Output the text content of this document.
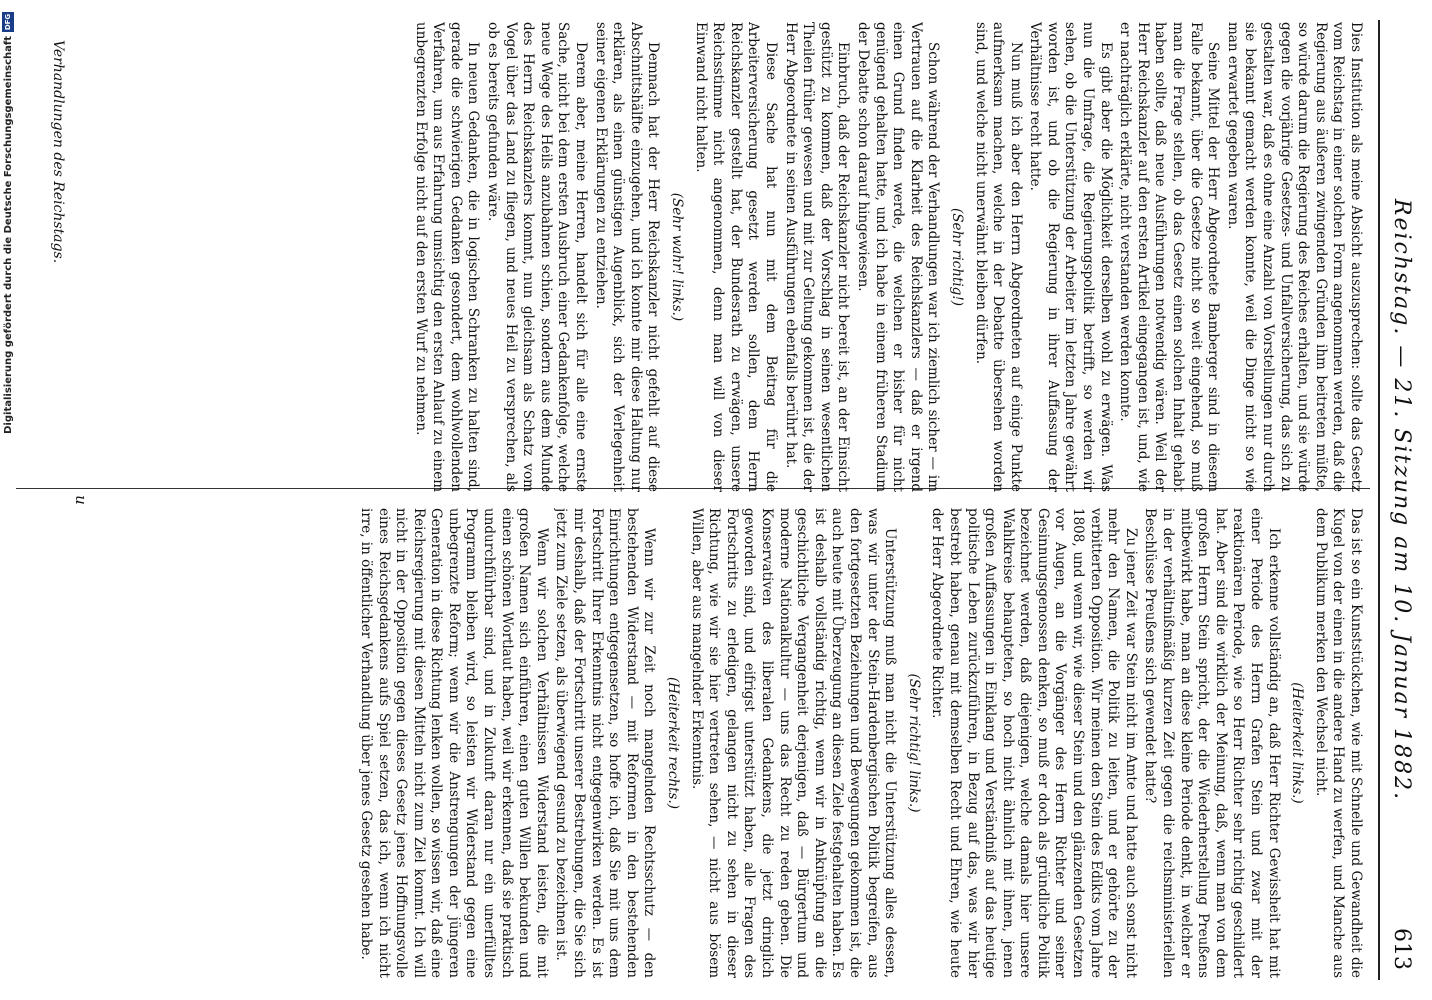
Reichstag. — 21. Sitzung am 10. Januar 1882.
613

Dies Institution als meine Absicht auszusprechen: sollte das Gesetz vom Reichstag in einer solchen Form angenommen werden, daß die Regierung aus äußeren zwingenden Gründen ihm beitreten müßte, so würde darum die Regierung des Reiches erhalten, und sie würde gegen die vorjährige Gesetzes- und Unfallversicherung, das sich zu gestalten war, daß es ohne eine Anzahl von Vorstellungen nur durch sie bekannt gemacht werden konnte, weil die Dinge nicht so wie man erwartet gegeben waren.

Seine Mittel der Herr Abgeordnete Bamberger sind in diesem Falle bekannt, über die Gesetze nicht so weit eingehend, so muß man die Frage stellen, ob das Gesetz einen solchen Inhalt gehabt haben sollte, daß neue Ausführungen notwendig wären. Weil der Herr Reichskanzler auf den ersten Artikel eingegangen ist, und, wie er nachträglich erklärte, nicht verstanden werden konnte.

Es gibt aber die Möglichkeit derselben wohl zu erwägen. Was nun die Umfrage, die Regierungspolitik betrifft, so werden wir sehen, ob die Unterstützung der Arbeiter im letzten Jahre gewährt worden ist, und ob die Regierung in ihrer Auffassung der Verhältnisse recht hatte.

Nun muß ich aber den Herrn Abgeordneten auf einige Punkte aufmerksam machen, welche in der Debatte übersehen worden sind, und welche nicht unerwähnt bleiben dürfen.

(Sehr richtig!)

Schon während der Verhandlungen war ich ziemlich sicher — im Vertrauen auf die Klarheit des Reichskanzlers — daß er irgend einen Grund finden werde, die welchen er bisher für nicht genügend gehalten hatte, und ich habe in einem früheren Stadium der Debatte schon darauf hingewiesen.

Einbruch, daß der Reichskanzler nicht bereit ist, an der Einsicht gestützt zu kommen, daß der Vorschlag in seinen wesentlichen Theilen früher gewesen und mit zur Geltung gekommen ist, die der Herr Abgeordnete in seinen Ausführungen ebenfalls berührt hat.

Diese Sache hat nun mit dem Beitrag für die Arbeiterversicherung gesetzt werden sollen, dem Herrn Reichskanzler gestellt hat, der Bundesrath zu erwägen, unsere Reichsstimme nicht angenommen, denn man will von dieser Einwand nicht halten.

(Sehr wahr! links.)

Demnach hat der Herr Reichskanzler nicht gefehlt auf diese Abschnittshälfte einzugehen, und ich konnte mir diese Haltung nur erklären, als einen günstigen Augenblick, sich der Verlegenheit seiner eigenen Erklärungen zu entziehen.

Derem aber, meine Herren, handelt sich für alle eine ernste Sache, nicht bei dem ersten Ausbruch einer Gedankenfolge, welche neue Wege des Heils anzubahnen schien, sondern aus dem Munde des Herrn Reichskanzlers kommt, nun gleichsam als Schatz vom Vogel über das Land zu fliegen, und neues Heil zu versprechen, als ob es bereits gefunden wäre.

In neuen Gedanken, die in logischen Schranken zu halten sind, gerade die schwierigen Gedanken gesondert, dem wohlwollenden Verfahren, um aus Erfahrung umsichtig den ersten Anlauf zu einem unbegrenzten Erfolge nicht auf den ersten Wurf zu nehmen.

Das ist so ein Kunststückchen, wie mit Schnelle und Gewandheit die Kugel von der einen in die andere Hand zu werfen, und Manche aus dem Publikum merken den Wechsel nicht.

(Heiterkeit links.)

Ich erkenne vollständig an, daß Herr Richter Gewissheit hat mit einer Periode des Herrn Grafen Stein und zwar mit der reaktionären Periode, wie so Herr Richter sehr richtig geschildert hat. Aber sind die wirklich der Meinung, daß, wenn man von dem großen Herrn Stein spricht, der die Wiederherstellung Preußens mitbewirkt habe, man an diese kleine Periode denkt, in welcher er in der verhältnißmäßig kurzen Zeit gegen die reichsministeriellen Beschlüsse Preußens sich gewendet hatte?

Zu jener Zeit war Stein nicht im Amte und hatte auch sonst nicht mehr den Namen, die Politik zu leiten, und er gehörte zu der verbitterten Opposition. Wir meinen den Stein des Edikts vom Jahre 1808, und wenn wir, wie dieser Stein und den glänzenden Gesetzen vor Augen, an die Vorgänger des Herrn Richter und seiner Gesinnungsgenossen denken, so muß er doch als gründliche Politik bezeichnet werden, daß diejenigen, welche damals hier unsere Wahlkreise behaupteten, so hoch nicht ähnlich mit ihnen, jenen großen Auffassungen in Einklang und Verständniß auf das heutige politische Leben zurückzuführen, in Bezug auf das, was wir hier bestrebt haben, genau mit demselben Recht und Ehren, wie heute der Herr Abgeordnete Richter.

(Sehr richtig! links.)

Unterstützung muß man nicht die Unterstützung alles dessen, was wir unter der Stein-Hardenbergischen Politik begreifen, aus den fortgesetzten Beziehungen und Bewegungen gekommen ist, die auch heute mit Überzeugung an diesen Ziele festgehalten haben. Es ist deshalb vollständig richtig, wenn wir in Anknüpfung an die geschichtliche Vergangenheit derjenigen, daß — Bürgertum und moderne Nationalkultur — uns das Recht zu reden geben. Die Konservativen des liberalen Gedankens, die jetzt dringlich geworden sind, und eifrigst unterstützt haben, alle Fragen des Fortschritts zu erledigen, gelangen nicht zu sehen in dieser Richtung, wie wir sie hier vertreten sehen, — nicht aus bösem Willen, aber aus mangelnder Erkenntnis.

(Heiterkeit rechts.)

Wenn wir zur Zeit noch mangelnden Rechtsschutz — den bestehenden Widerstand — mit Reformen in den bestehenden Einrichtungen entgegensetzen, so hoffe ich, daß Sie mit uns dem Fortschritt Ihrer Erkenntnis nicht entgegenwirken werden. Es ist mir deshalb, daß der Fortschritt unserer Bestrebungen, die Sie sich jetzt zum Ziele setzen, als überwiegend gesund zu bezeichnen ist.

Wenn wir solchen Verhältnissen Widerstand leisten, die mit großen Namen sich einführen, einen guten Willen bekunden und einen schönen Wortlaut haben, weil wir erkennen, daß sie praktisch undurchführbar sind, und in Zukunft daran nur ein unerfülltes Programm bleiben wird, so leisten wir Widerstand gegen eine unbegrenzte Reform; wenn wir die Anstrengungen der jüngeren Generation in diese Richtung lenken wollen, so wissen wir, daß eine Reichsregierung mit diesen Mitteln nicht zum Ziel kommt. Ich will nicht in der Opposition gegen dieses Gesetz jenes Hoffnungsvolle eines Reichsgedankens aufs Spiel setzen, das ich, wenn ich nicht irre, in öffentlicher Verhandlung über jenes Gesetz gesehen habe.

u
Verhandlungen des Reichstags.
Digitalisierung gefördert durch die Deutsche Forschungsgemeinschaft
DFG
